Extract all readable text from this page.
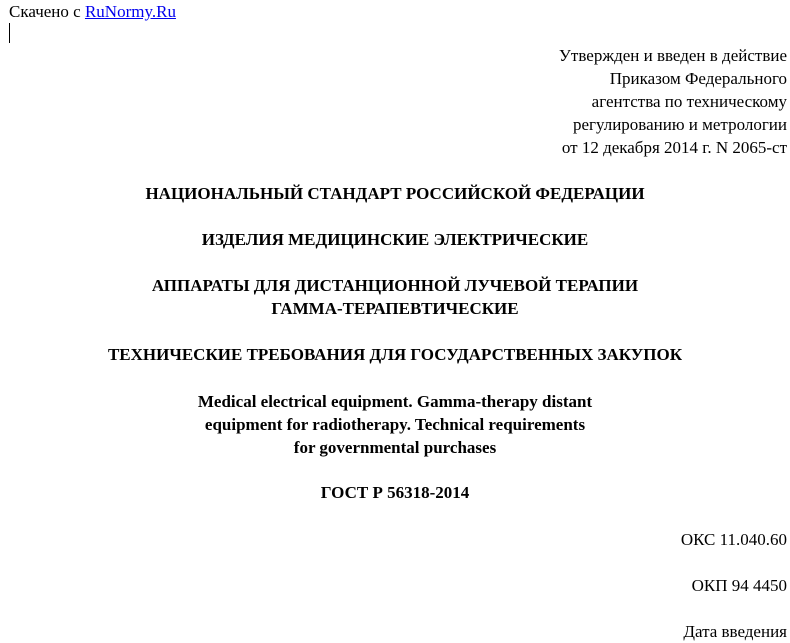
Скачено с RuNormy.Ru
Утвержден и введен в действие
Приказом Федерального
агентства по техническому
регулированию и метрологии
от 12 декабря 2014 г. N 2065-ст
НАЦИОНАЛЬНЫЙ СТАНДАРТ РОССИЙСКОЙ ФЕДЕРАЦИИ
ИЗДЕЛИЯ МЕДИЦИНСКИЕ ЭЛЕКТРИЧЕСКИЕ
АППАРАТЫ ДЛЯ ДИСТАНЦИОННОЙ ЛУЧЕВОЙ ТЕРАПИИ
ГАММА-ТЕРАПЕВТИЧЕСКИЕ
ТЕХНИЧЕСКИЕ ТРЕБОВАНИЯ ДЛЯ ГОСУДАРСТВЕННЫХ ЗАКУПОК
Medical electrical equipment. Gamma-therapy distant
equipment for radiotherapy. Technical requirements
for governmental purchases
ГОСТ Р 56318-2014
ОКС 11.040.60
ОКП 94 4450
Дата введения
